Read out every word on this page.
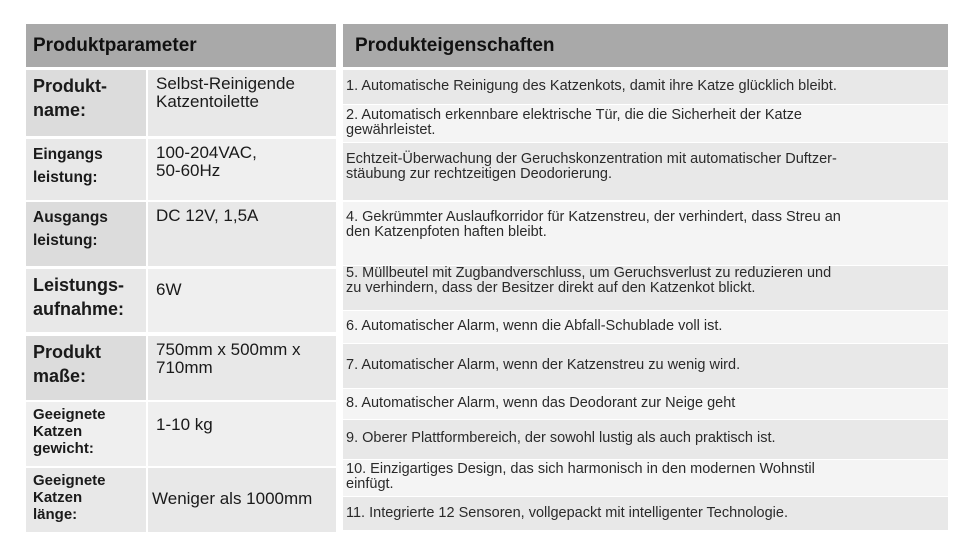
Produktparameter	Produkteigenschaften
Produkt-
name:
Selbst-Reinigende
Katzentoilette
Eingangs
leistung:
100-204VAC,
50-60Hz
Ausgangs
leistung:
DC 12V, 1,5A
Leistungs-
aufnahme:
6W
Produkt
maße:
750mm x 500mm x
710mm
Geeignete
Katzen
gewicht:
1-10 kg
Geeignete
Katzen
länge:
Weniger als 1000mm
1. Automatische Reinigung des Katzenkots, damit ihre Katze glücklich bleibt.
2. Automatisch erkennbare elektrische Tür, die die Sicherheit der Katze
gewährleistet.
Echtzeit-Überwachung der Geruchskonzentration mit automatischer Duftzer-
stäubung zur rechtzeitigen Deodorierung.
4. Gekrümmter Auslaufkorridor für Katzenstreu, der verhindert, dass Streu an
den Katzenpfoten haften bleibt.
5. Müllbeutel mit Zugbandverschluss, um Geruchsverlust zu reduzieren und
zu verhindern, dass der Besitzer direkt auf den Katzenkot blickt.
6. Automatischer Alarm, wenn die Abfall-Schublade voll ist.
7. Automatischer Alarm, wenn der Katzenstreu zu wenig wird.
8. Automatischer Alarm, wenn das Deodorant zur Neige geht
9. Oberer Plattformbereich, der sowohl lustig als auch praktisch ist.
10. Einzigartiges Design, das sich harmonisch in den modernen Wohnstil
einfügt.
11. Integrierte 12 Sensoren, vollgepackt mit intelligenter Technologie.
